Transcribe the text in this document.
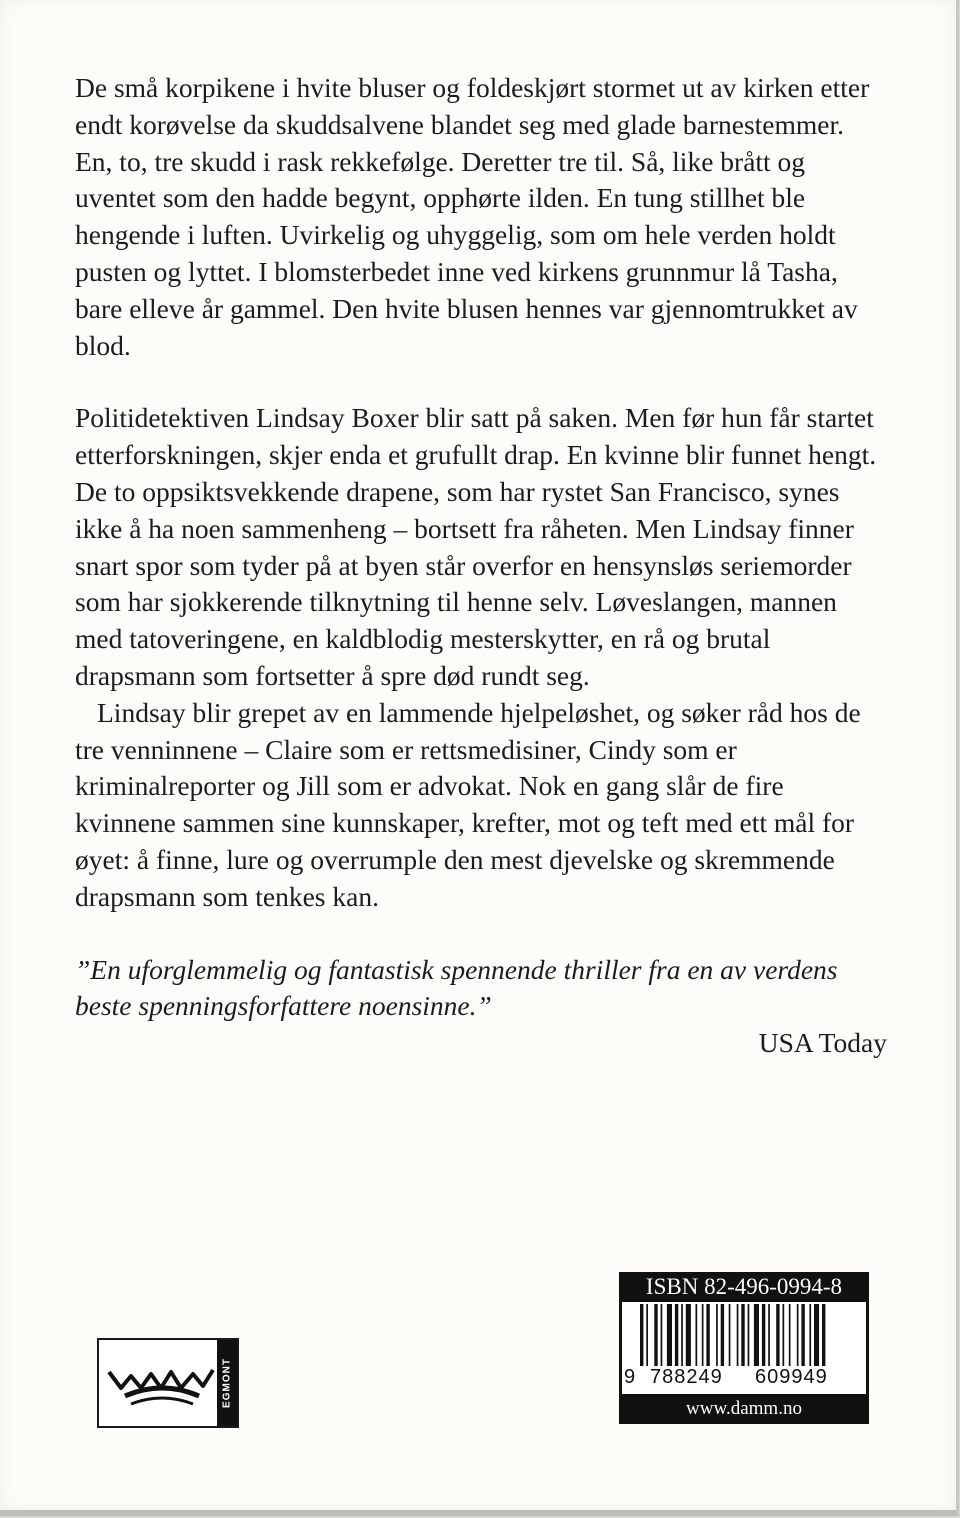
De små korpikene i hvite bluser og foldeskjørt stormet ut av kirken etter endt korøvelse da skuddsalvene blandet seg med glade barnestemmer. En, to, tre skudd i rask rekkefølge. Deretter tre til. Så, like brått og uventet som den hadde begynt, opphørte ilden. En tung stillhet ble hengende i luften. Uvirkelig og uhyggelig, som om hele verden holdt pusten og lyttet. I blomsterbedet inne ved kirkens grunnmur lå Tasha, bare elleve år gammel. Den hvite blusen hennes var gjennomtrukket av blod.

Politidetektiven Lindsay Boxer blir satt på saken. Men før hun får startet etterforskningen, skjer enda et grufullt drap. En kvinne blir funnet hengt. De to oppsiktsvekkende drapene, som har rystet San Francisco, synes ikke å ha noen sammenheng – bortsett fra råheten. Men Lindsay finner snart spor som tyder på at byen står overfor en hensynsløs seriemorder som har sjokkerende tilknytning til henne selv. Løveslangen, mannen med tatoveringene, en kaldblodig mesterskytter, en rå og brutal drapsmann som fortsetter å spre død rundt seg.

Lindsay blir grepet av en lammende hjelpeløshet, og søker råd hos de tre venninnene – Claire som er rettsmedisiner, Cindy som er kriminalreporter og Jill som er advokat. Nok en gang slår de fire kvinnene sammen sine kunnskaper, krefter, mot og teft med ett mål for øyet: å finne, lure og overrumple den mest djevelske og skremmende drapsmann som tenkes kan.

”En uforglemmelig og fantastisk spennende thriller fra en av verdens beste spenningsforfattere noensinne.”

USA Today

EGMONT
ISBN 82-496-0994-8
9 788249 609949
www.damm.no
